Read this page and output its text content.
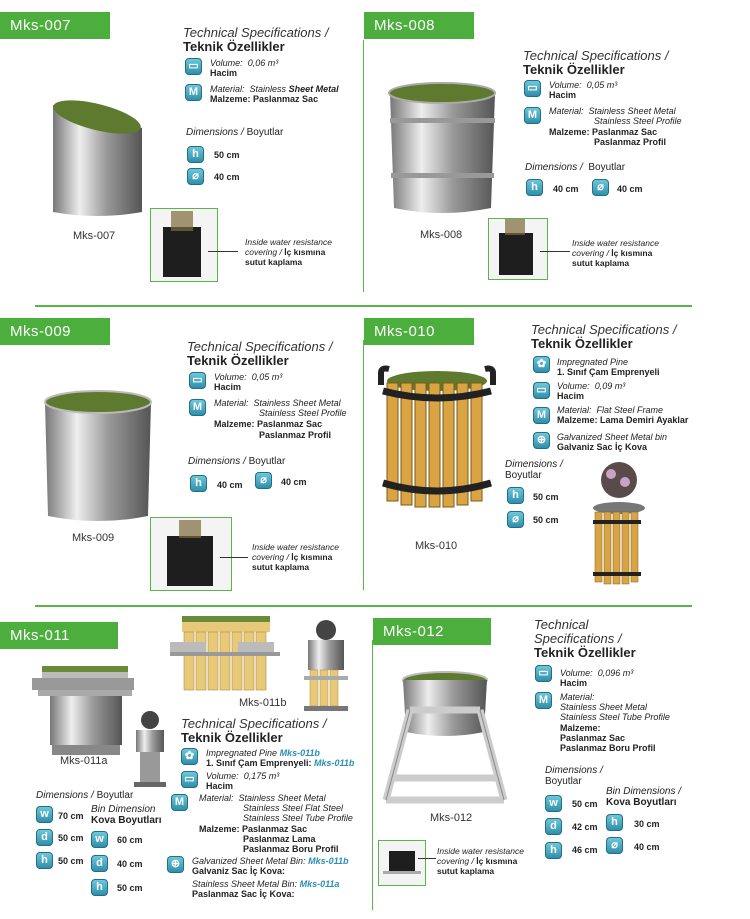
Mks-007
Mks-007
Technical Specifications /
Teknik Özellikler
▭	Volume: 0,06 m³
Hacim
M	Material: Stainless Sheet Metal
Malzeme: Paslanmaz Sac
Dimensions / Boyutlar
h	50 cm
⌀	40 cm
Inside water resistance
covering / İç kısmına
sutut kaplama
Mks-008
Mks-008
Technical Specifications /
Teknik Özellikler
▭	Volume: 0,05 m³
Hacim
M	Material: Stainless Sheet Metal
Stainless Steel Profile
Malzeme: Paslanmaz Sac
Paslanmaz Profil
Dimensions / Boyutlar
h	40 cm	⌀	40 cm
Inside water resistance
covering / İç kısmına
sutut kaplama
Mks-009
Mks-009
Technical Specifications /
Teknik Özellikler
▭	Volume: 0,05 m³
Hacim
M	Material: Stainless Sheet Metal
Stainless Steel Profile
Malzeme: Paslanmaz Sac
Paslanmaz Profil
Dimensions / Boyutlar
h	40 cm	⌀	40 cm
Inside water resistance
covering / İç kısmına
sutut kaplama
Mks-010
Mks-010
Technical Specifications /
Teknik Özellikler
✿	Impregnated Pine
1. Sınıf Çam Emprenyeli
▭	Volume: 0,09 m³
Hacim
M	Material: Flat Steel Frame
Malzeme: Lama Demiri Ayaklar
⊕	Galvanized Sheet Metal bin
Galvaniz Sac İç Kova
Dimensions /
Boyutlar
h	50 cm
⌀	50 cm
Mks-011
Mks-011a
Mks-011b
Technical Specifications /
Teknik Özellikler
✿	Impregnated Pine Mks-011b
1. Sınıf Çam Emprenyeli: Mks-011b
▭	Volume: 0,175 m³
Hacim
M	Material: Stainless Sheet Metal
Stainless Steel Flat Steel
Stainless Steel Tube Profile
Malzeme: Paslanmaz Sac
Paslanmaz Lama
Paslanmaz Boru Profil
⊕	Galvanized Sheet Metal Bin: Mks-011b
Galvaniz Sac İç Kova:
Stainless Sheet Metal Bin: Mks-011a
Paslanmaz Sac İç Kova:
Dimensions / Boyutlar
Bin Dimension
Kova Boyutları
w	70 cm
d	50 cm
h	50 cm
w	60 cm
d	40 cm
h	50 cm
Mks-012
Mks-012
Technical
Specifications /
Teknik Özellikler
▭	Volume: 0,096 m³
Hacim
M	Material:
Stainless Sheet Metal
Stainless Steel Tube Profile
Malzeme:
Paslanmaz Sac
Paslanmaz Boru Profil
Dimensions /
Boyutlar
Bin Dimensions /
Kova Boyutları
w	50 cm
d	42 cm
h	46 cm
h	30 cm
⌀	40 cm
Inside water resistance
covering / İç kısmına
sutut kaplama
